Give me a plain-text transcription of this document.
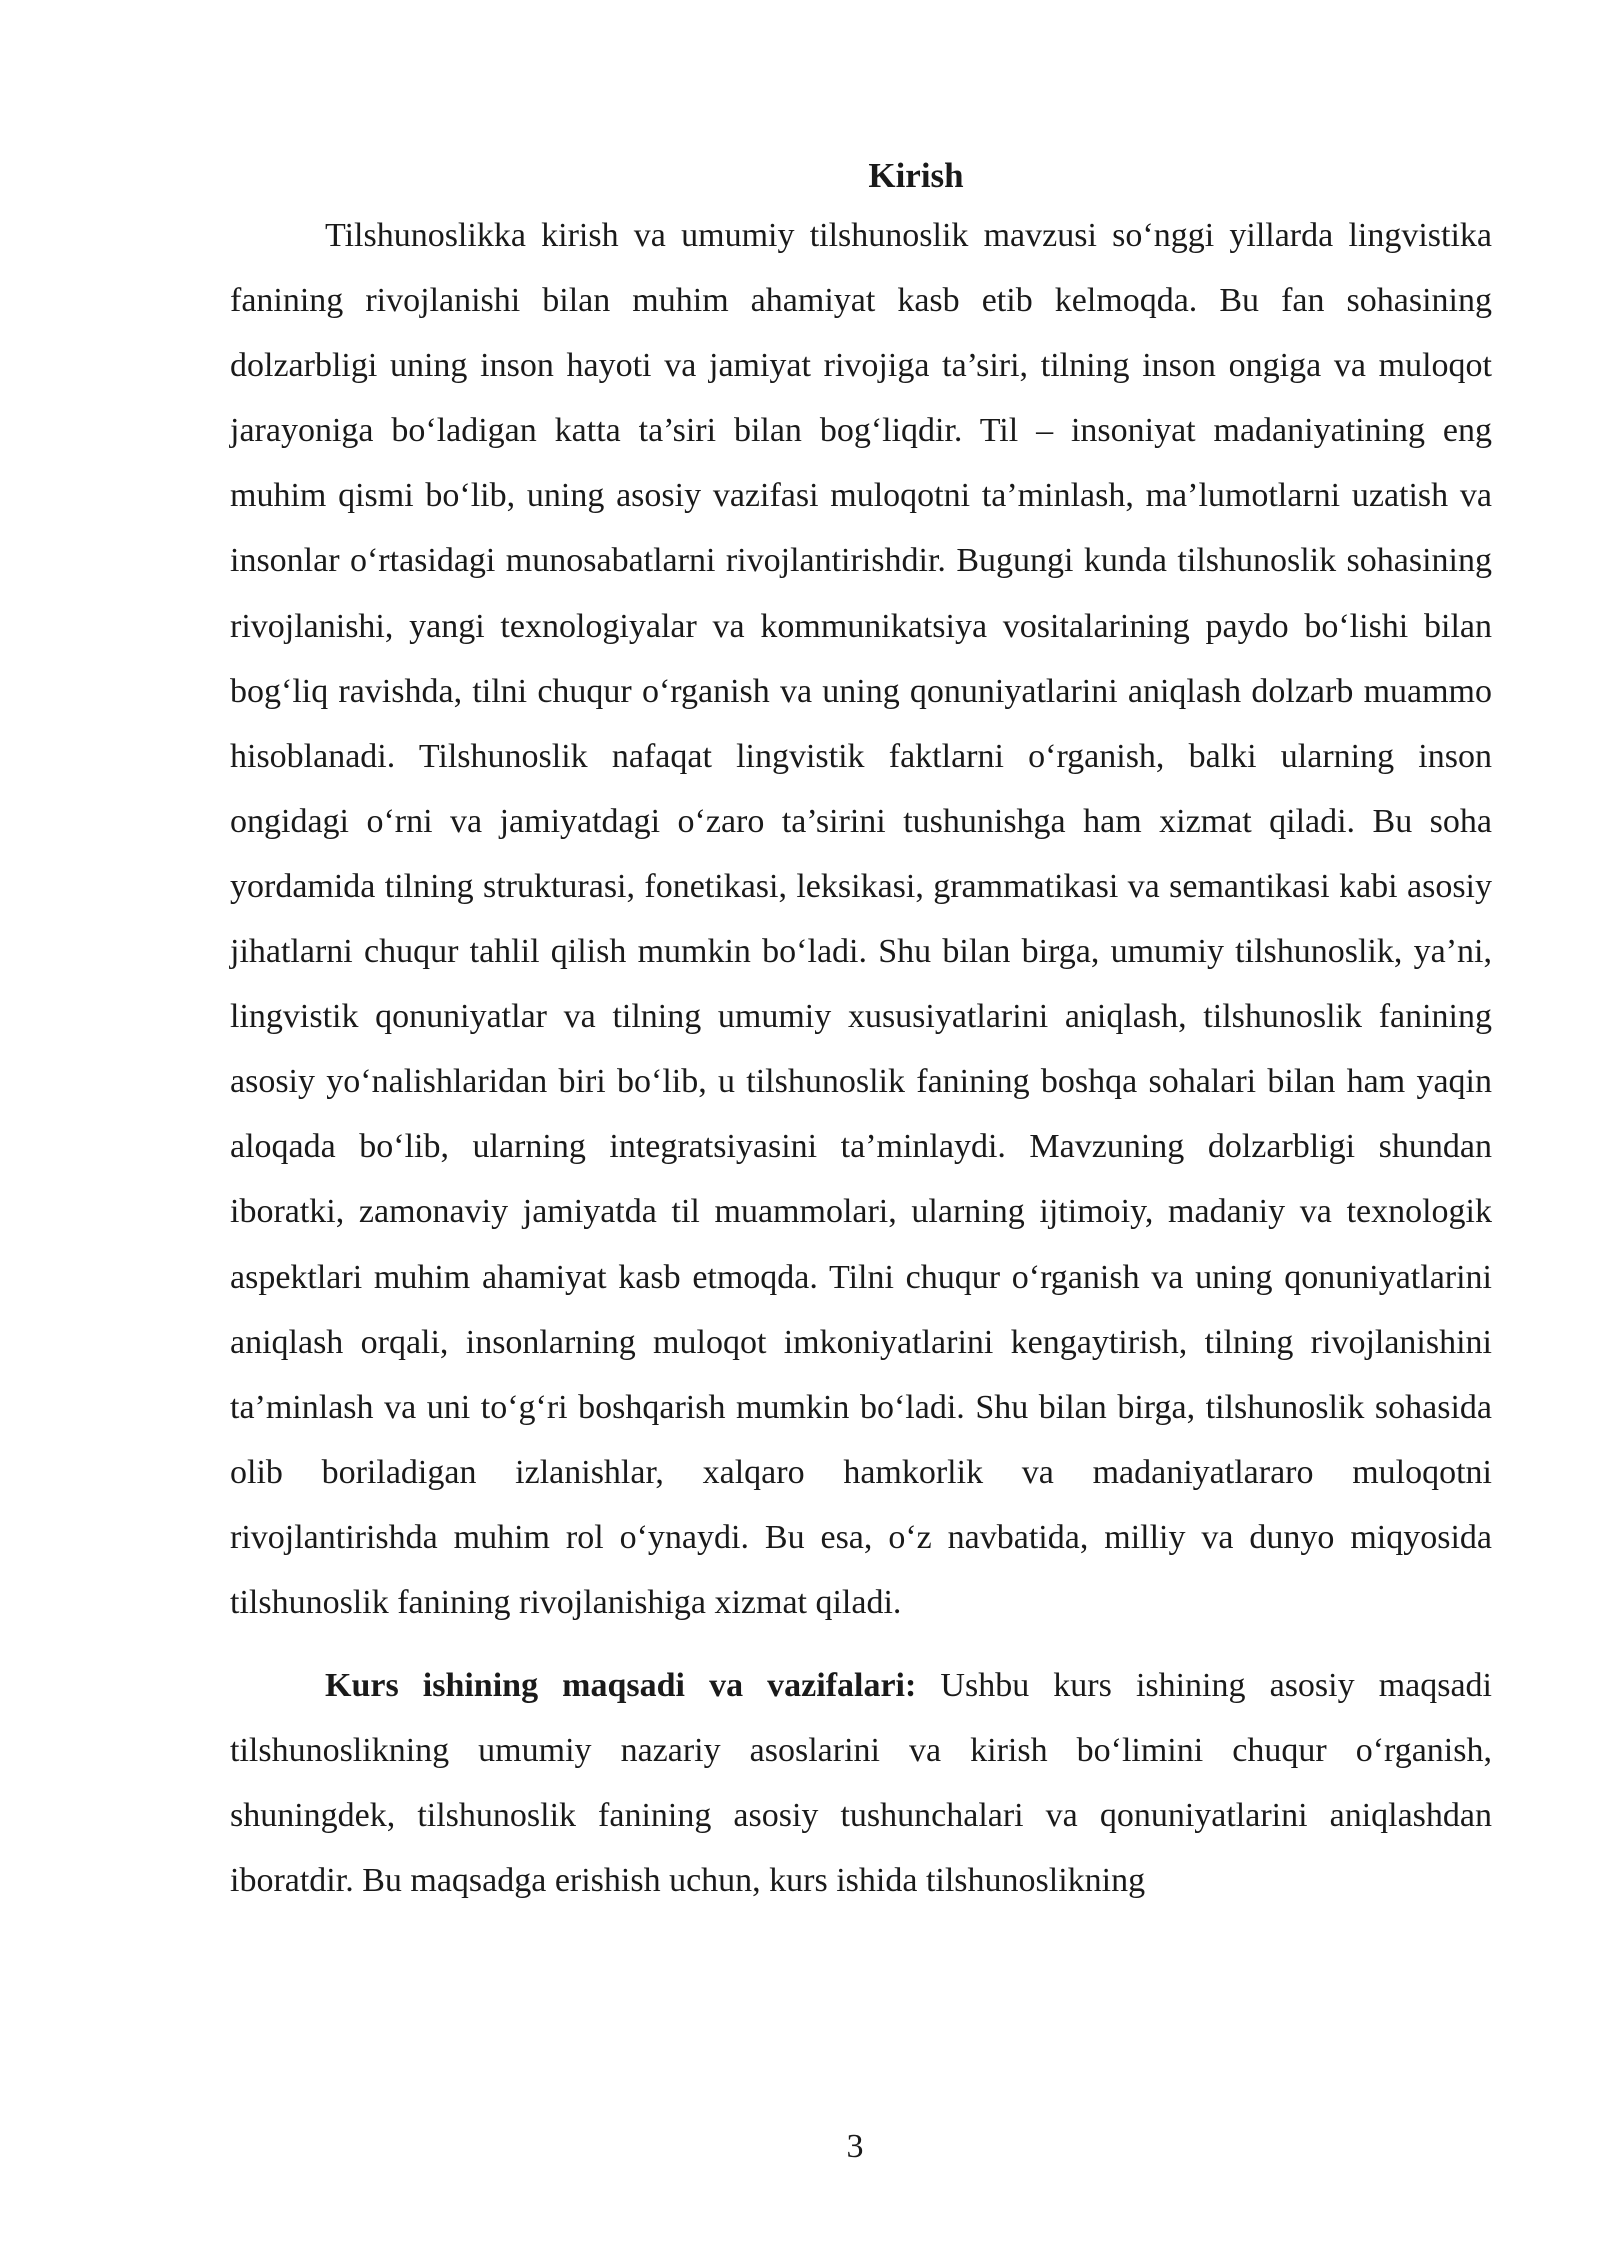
Kirish

Tilshunoslikka kirish va umumiy tilshunoslik mavzusi so‘nggi yillarda lingvistika fanining rivojlanishi bilan muhim ahamiyat kasb etib kelmoqda. Bu fan sohasining dolzarbligi uning inson hayoti va jamiyat rivojiga ta’siri, tilning inson ongiga va muloqot jarayoniga bo‘ladigan katta ta’siri bilan bog‘liqdir. Til – insoniyat madaniyatining eng muhim qismi bo‘lib, uning asosiy vazifasi muloqotni ta’minlash, ma’lumotlarni uzatish va insonlar o‘rtasidagi munosabatlarni rivojlantirishdir. Bugungi kunda tilshunoslik sohasining rivojlanishi, yangi texnologiyalar va kommunikatsiya vositalarining paydo bo‘lishi bilan bog‘liq ravishda, tilni chuqur o‘rganish va uning qonuniyatlarini aniqlash dolzarb muammo hisoblanadi. Tilshunoslik nafaqat lingvistik faktlarni o‘rganish, balki ularning inson ongidagi o‘rni va jamiyatdagi o‘zaro ta’sirini tushunishga ham xizmat qiladi. Bu soha yordamida tilning strukturasi, fonetikasi, leksikasi, grammatikasi va semantikasi kabi asosiy jihatlarni chuqur tahlil qilish mumkin bo‘ladi. Shu bilan birga, umumiy tilshunoslik, ya’ni, lingvistik qonuniyatlar va tilning umumiy xususiyatlarini aniqlash, tilshunoslik fanining asosiy yo‘nalishlaridan biri bo‘lib, u tilshunoslik fanining boshqa sohalari bilan ham yaqin aloqada bo‘lib, ularning integratsiyasini ta’minlaydi. Mavzuning dolzarbligi shundan iboratki, zamonaviy jamiyatda til muammolari, ularning ijtimoiy, madaniy va texnologik aspektlari muhim ahamiyat kasb etmoqda. Tilni chuqur o‘rganish va uning qonuniyatlarini aniqlash orqali, insonlarning muloqot imkoniyatlarini kengaytirish, tilning rivojlanishini ta’minlash va uni to‘g‘ri boshqarish mumkin bo‘ladi. Shu bilan birga, tilshunoslik sohasida olib boriladigan izlanishlar, xalqaro hamkorlik va madaniyatlararo muloqotni rivojlantirishda muhim rol o‘ynaydi. Bu esa, o‘z navbatida, milliy va dunyo miqyosida tilshunoslik fanining rivojlanishiga xizmat qiladi.

Kurs ishining maqsadi va vazifalari: Ushbu kurs ishining asosiy maqsadi tilshunoslikning umumiy nazariy asoslarini va kirish bo‘limini chuqur o‘rganish, shuningdek, tilshunoslik fanining asosiy tushunchalari va qonuniyatlarini aniqlashdan iboratdir. Bu maqsadga erishish uchun, kurs ishida tilshunoslikning

3
